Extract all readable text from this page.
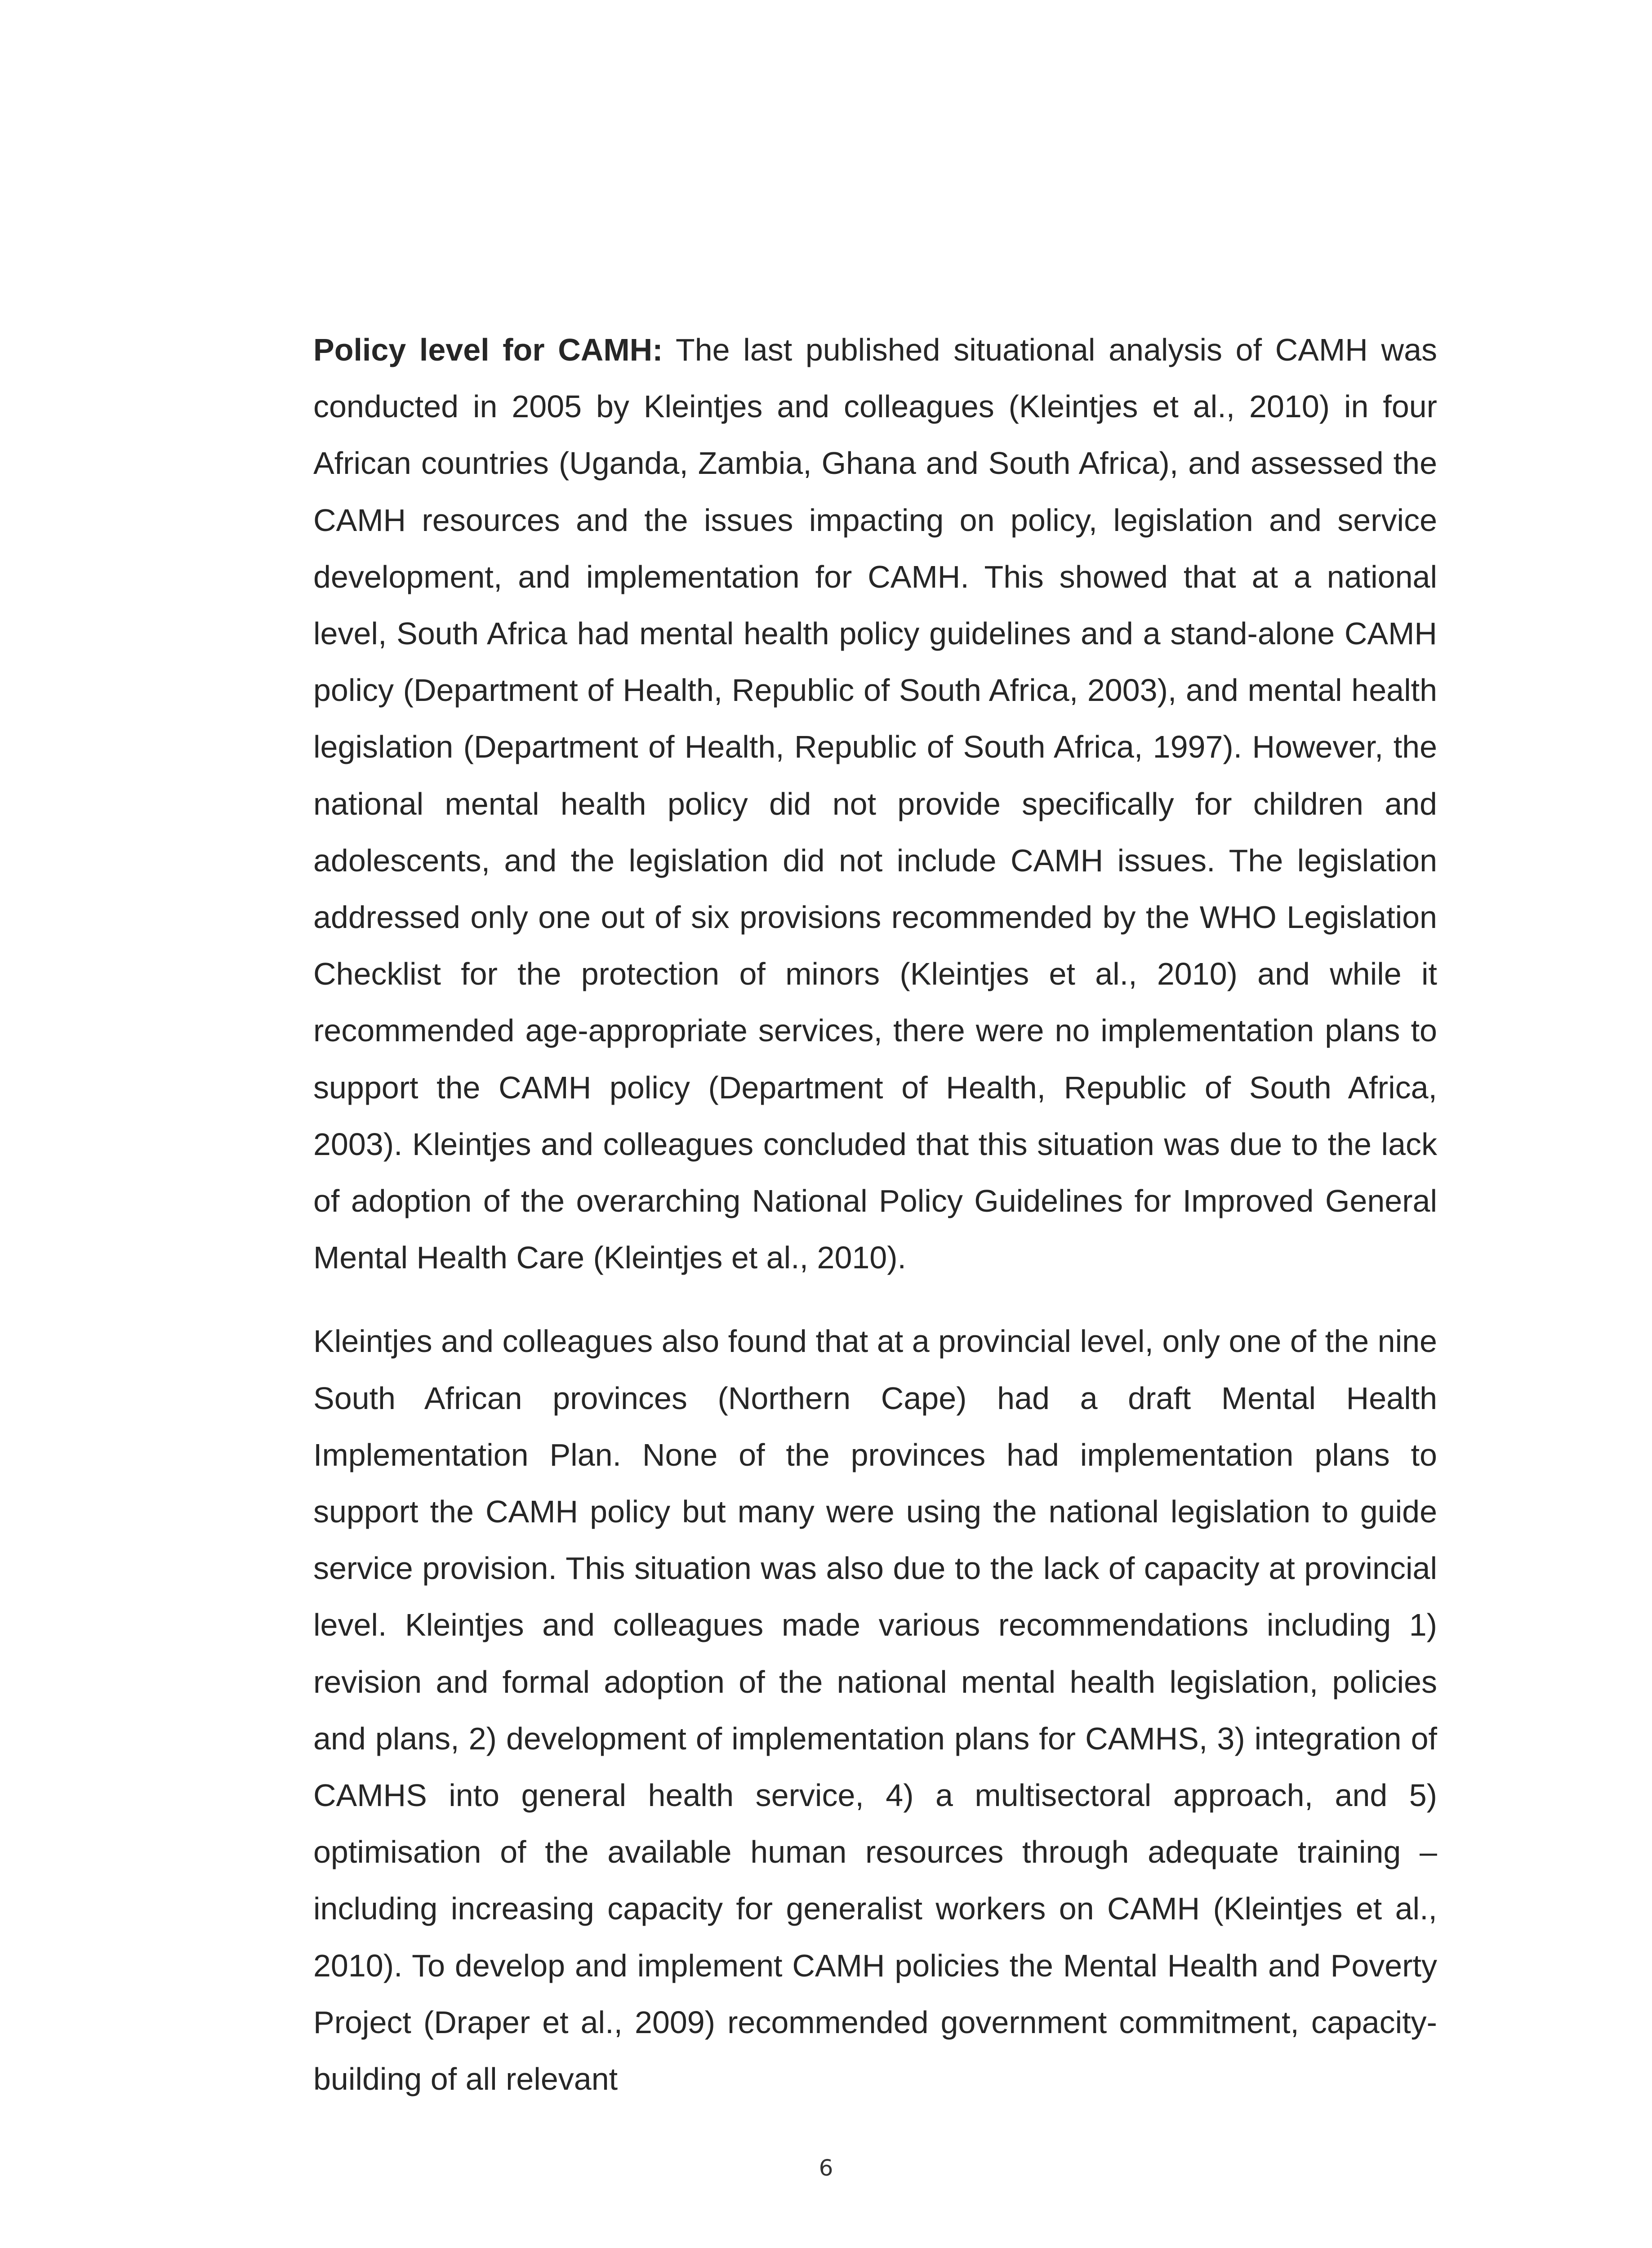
Policy level for CAMH: The last published situational analysis of CAMH was conducted in 2005 by Kleintjes and colleagues (Kleintjes et al., 2010) in four African countries (Uganda, Zambia, Ghana and South Africa), and assessed the CAMH resources and the issues impacting on policy, legislation and service development, and implementation for CAMH. This showed that at a national level, South Africa had mental health policy guidelines and a stand-alone CAMH policy (Department of Health, Republic of South Africa, 2003), and mental health legislation (Department of Health, Republic of South Africa, 1997). However, the national mental health policy did not provide specifically for children and adolescents, and the legislation did not include CAMH issues. The legislation addressed only one out of six provisions recommended by the WHO Legislation Checklist for the protection of minors (Kleintjes et al., 2010) and while it recommended age-appropriate services, there were no implementation plans to support the CAMH policy (Department of Health, Republic of South Africa, 2003). Kleintjes and colleagues concluded that this situation was due to the lack of adoption of the overarching National Policy Guidelines for Improved General Mental Health Care (Kleintjes et al., 2010).

Kleintjes and colleagues also found that at a provincial level, only one of the nine South African provinces (Northern Cape) had a draft Mental Health Implementation Plan. None of the provinces had implementation plans to support the CAMH policy but many were using the national legislation to guide service provision. This situation was also due to the lack of capacity at provincial level. Kleintjes and colleagues made various recommendations including 1) revision and formal adoption of the national mental health legislation, policies and plans, 2) development of implementation plans for CAMHS, 3) integration of CAMHS into general health service, 4) a multisectoral approach, and 5) optimisation of the available human resources through adequate training – including increasing capacity for generalist workers on CAMH (Kleintjes et al., 2010). To develop and implement CAMH policies the Mental Health and Poverty Project (Draper et al., 2009) recommended government commitment, capacity-building of all relevant

6
